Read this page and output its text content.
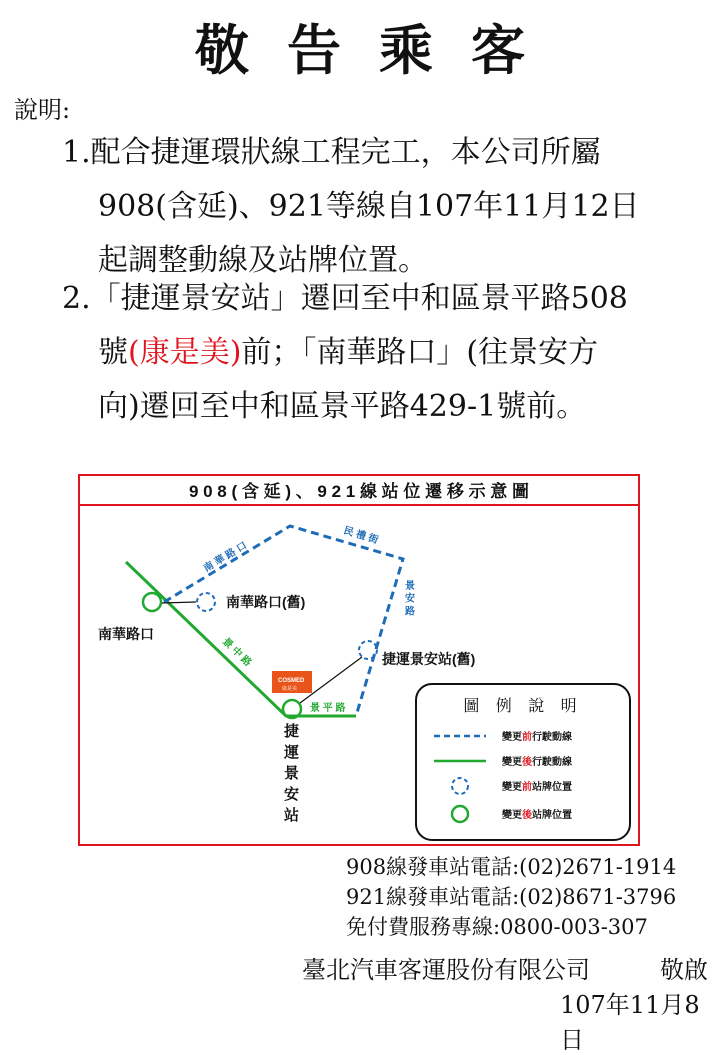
敬告乘客
說明:
1.配合捷運環狀線工程完工，本公司所屬
908(含延)、921等線自107年11月12日
起調整動線及站牌位置。
2.「捷運景安站」遷回至中和區景平路508
號(康是美)前；「南華路口」(往景安方
向)遷回至中和區景平路429-1號前。
9 0 8 ( 含 延 ) 、 9 2 1 線 站 位 遷 移 示 意 圖
民 禮 街
南 華 路 口
景 安 路
景 中 路
景 平 路
南華路口(舊)
南華路口
捷運景安站(舊)
捷
運
景
安
站
COSMED
康是美
圖 例 說 明
變更前行駛動線
變更後行駛動線
變更前站牌位置
變更後站牌位置
908線發車站電話:(02)2671-1914
921線發車站電話:(02)8671-3796
免付費服務專線:0800-003-307
臺北汽車客運股份有限公司	敬啟
107年11月8日
